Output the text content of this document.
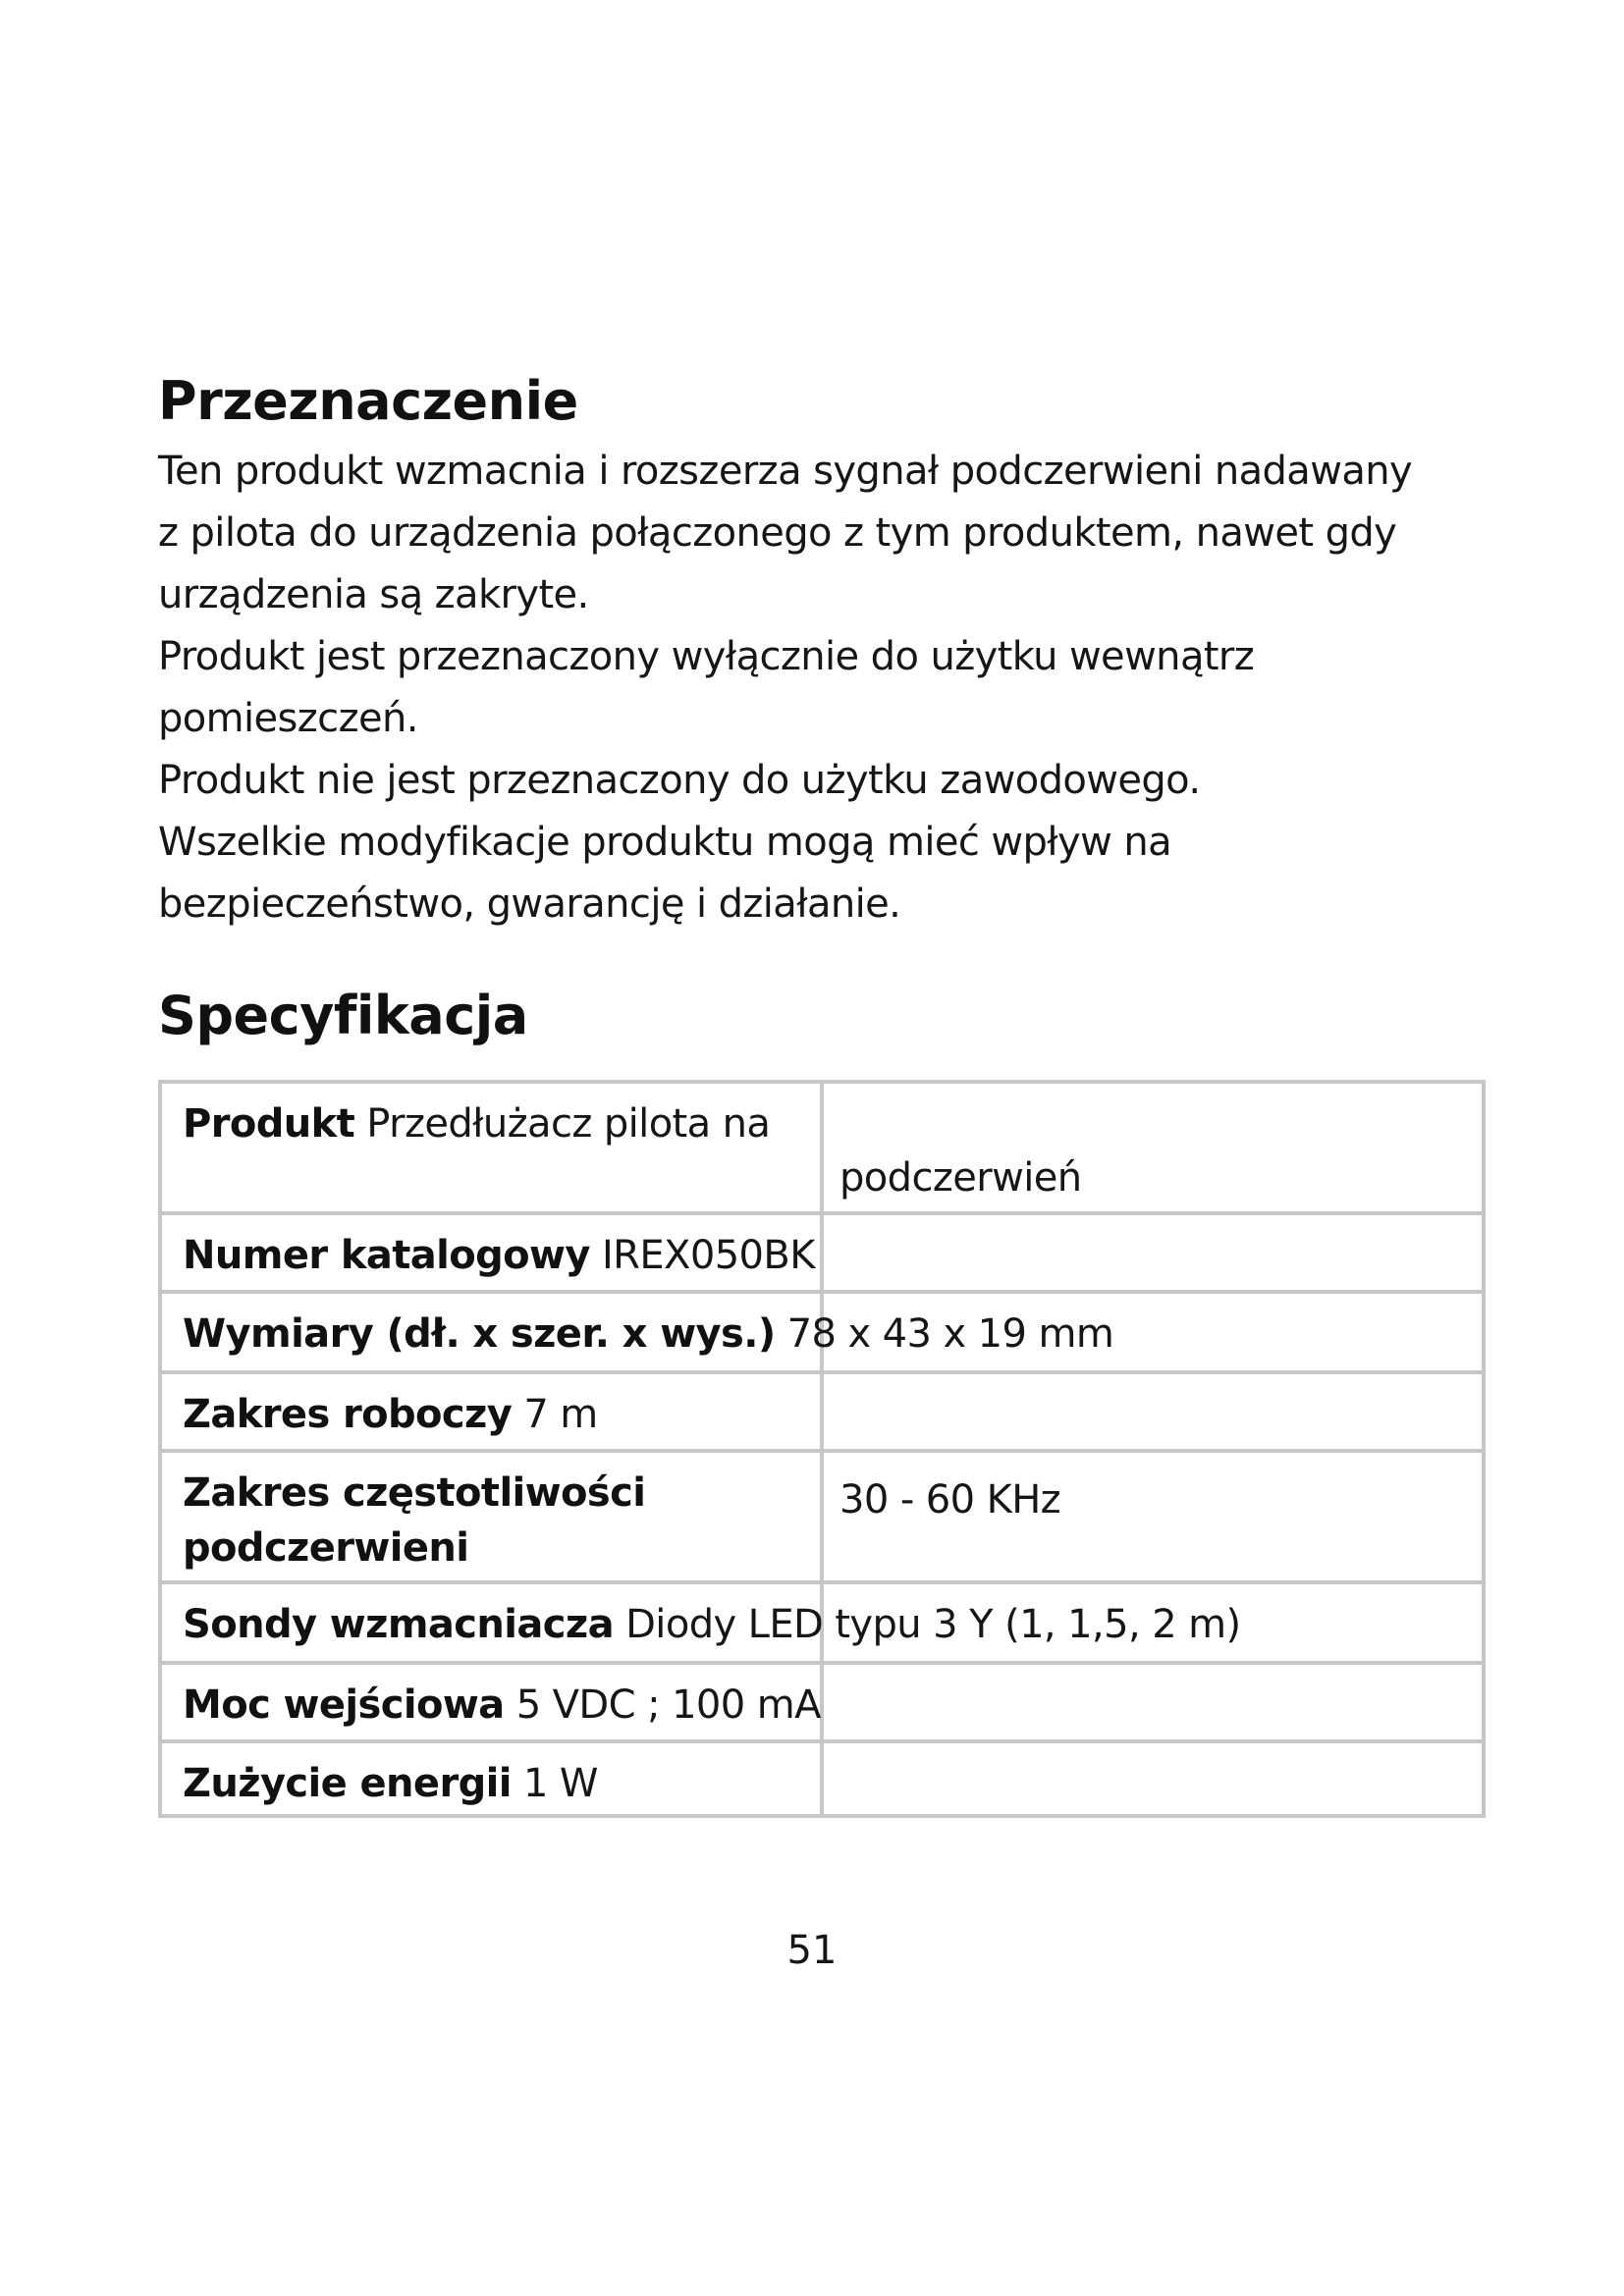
Przeznaczenie
Ten produkt wzmacnia i rozszerza sygnał podczerwieni nadawany
z pilota do urządzenia połączonego z tym produktem, nawet gdy
urządzenia są zakryte.
Produkt jest przeznaczony wyłącznie do użytku wewnątrz
pomieszczeń.
Produkt nie jest przeznaczony do użytku zawodowego.
Wszelkie modyfikacje produktu mogą mieć wpływ na
bezpieczeństwo, gwarancję i działanie.
Specyfikacja
Produkt Przedłużacz pilota na
podczerwień
Numer katalogowy IREX050BK
Wymiary (dł. x szer. x wys.) 78 x 43 x 19 mm
Zakres roboczy 7 m
Zakres częstotliwości podczerwieni
30 - 60 KHz
Sondy wzmacniacza Diody LED typu 3 Y (1, 1,5, 2 m)
Moc wejściowa 5 VDC ; 100 mA
Zużycie energii 1 W
51
